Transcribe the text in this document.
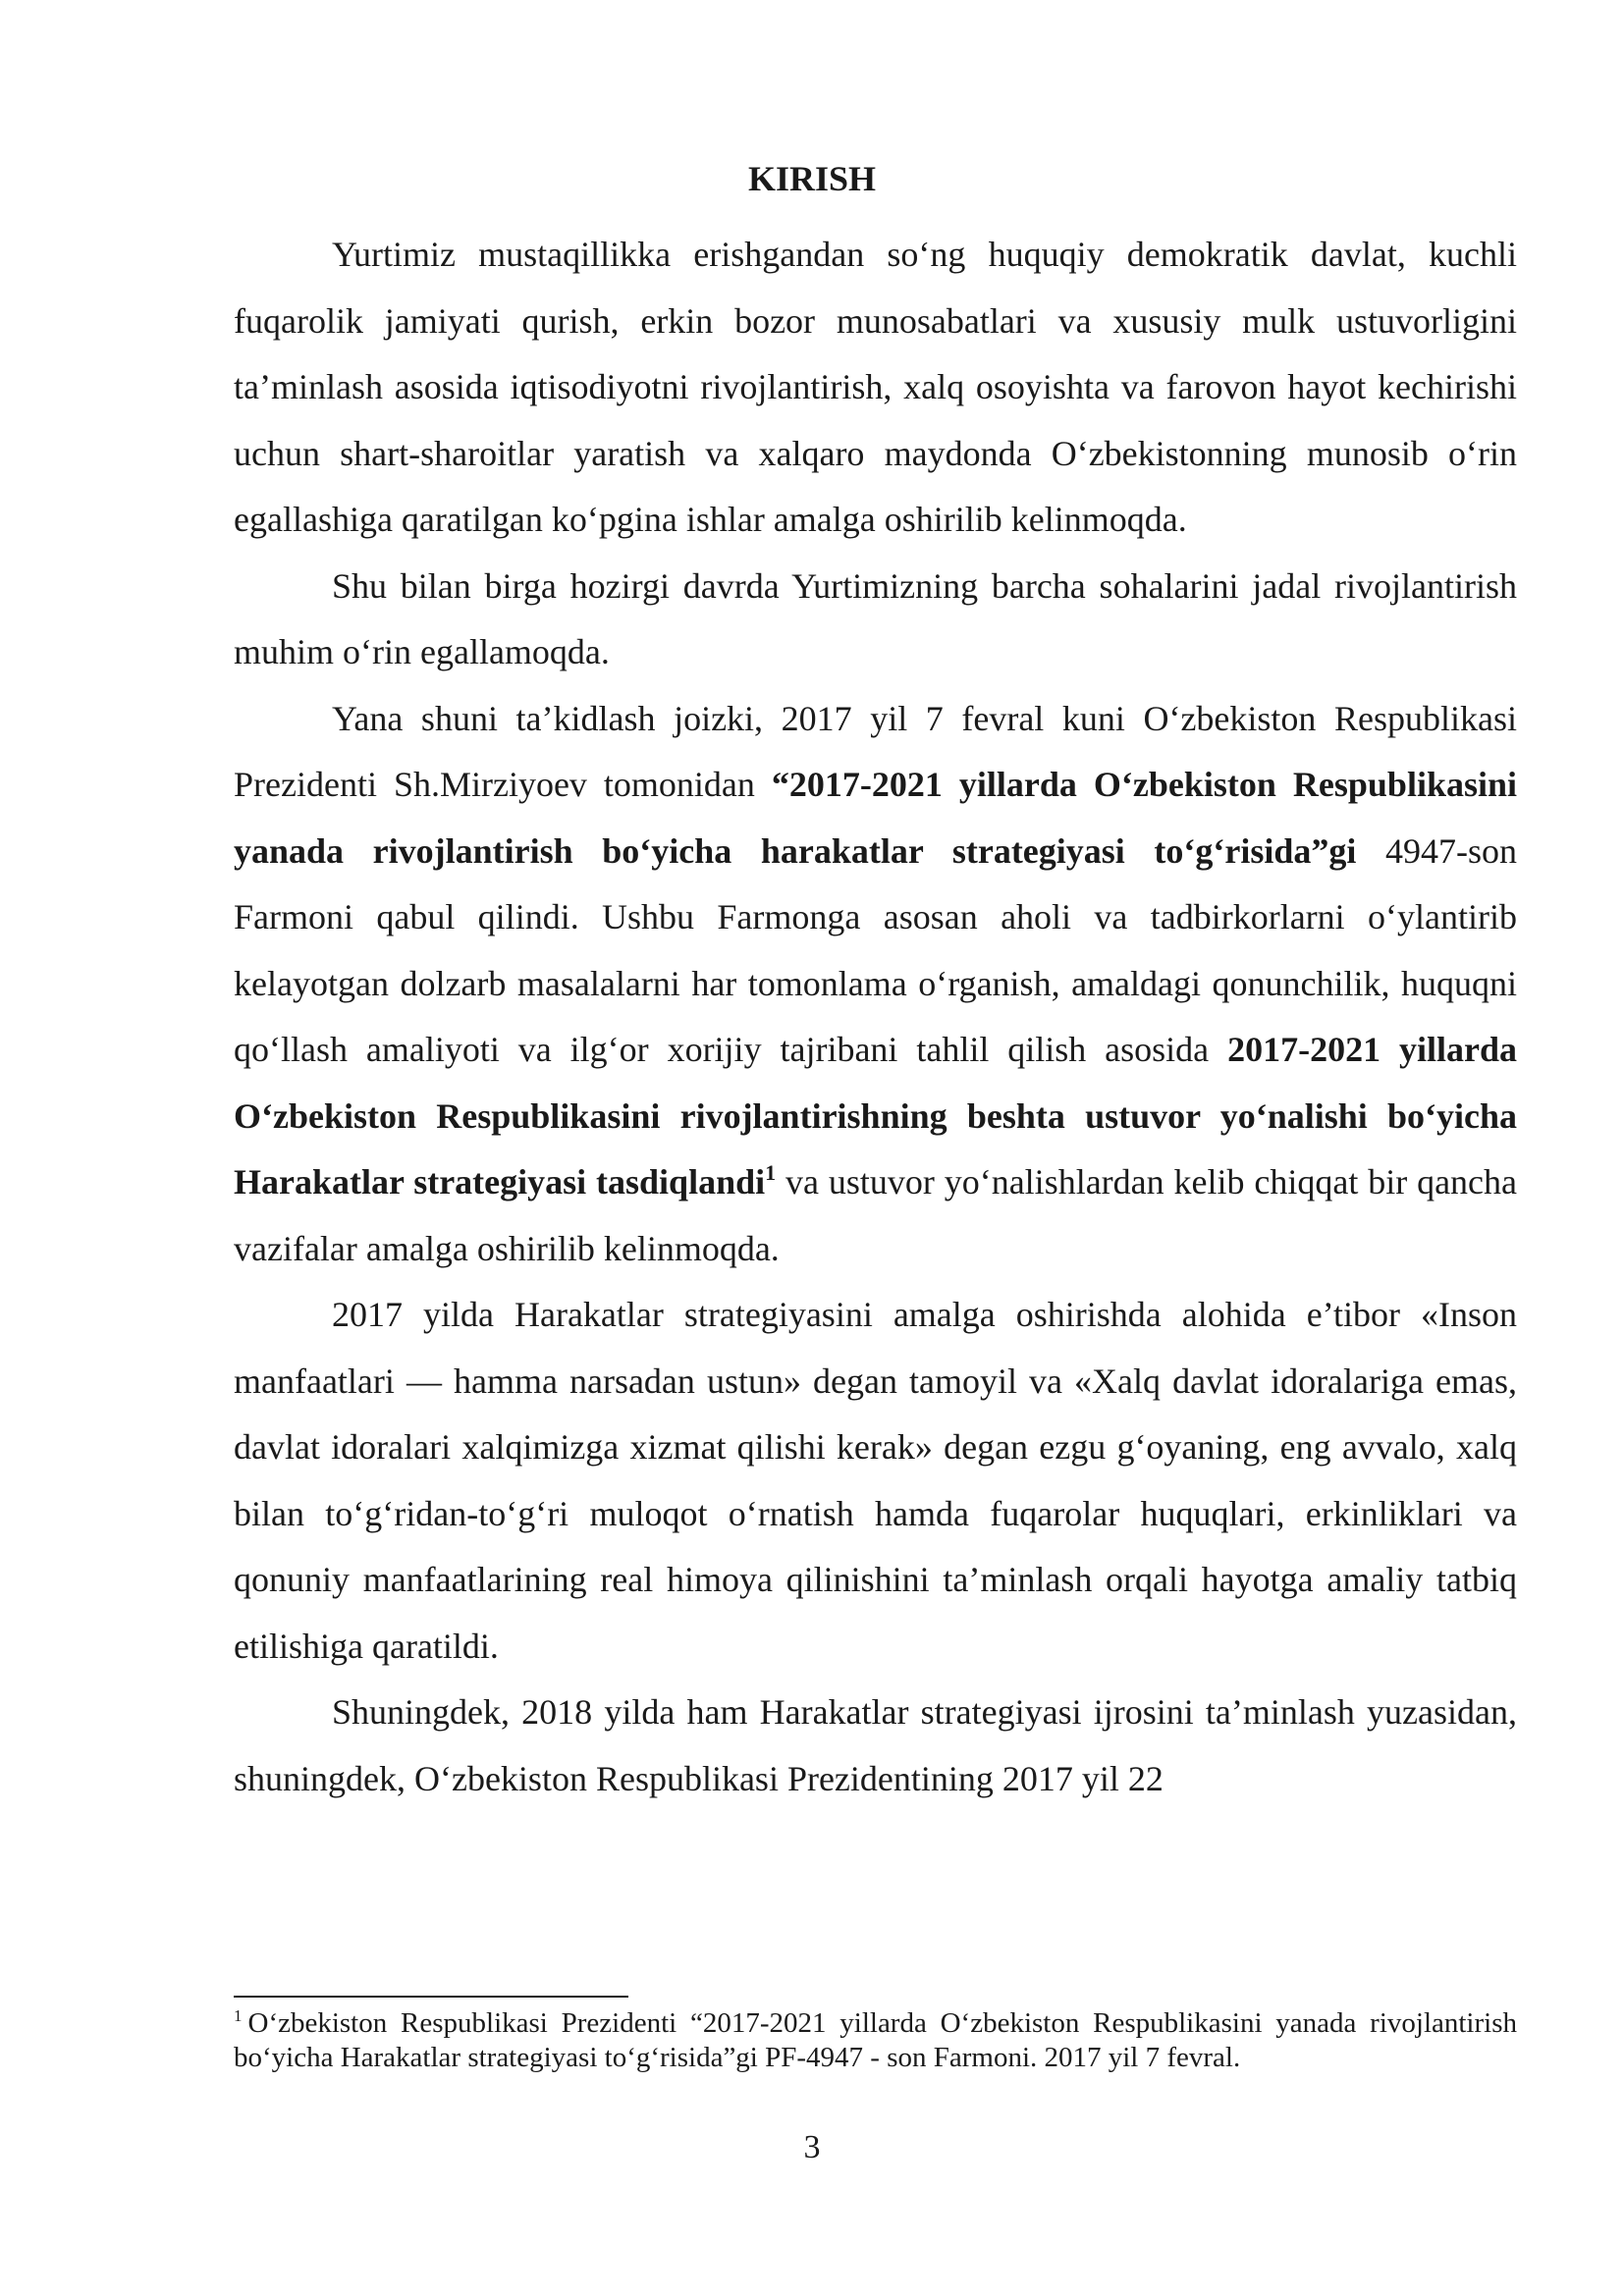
KIRISH

Yurtimiz mustaqillikka erishgandan so‘ng huquqiy demokratik davlat, kuchli fuqarolik jamiyati qurish, erkin bozor munosabatlari va xususiy mulk ustuvorligini ta’minlash asosida iqtisodiyotni rivojlantirish, xalq osoyishta va farovon hayot kechirishi uchun shart-sharoitlar yaratish va xalqaro maydonda O‘zbekistonning munosib o‘rin egallashiga qaratilgan ko‘pgina ishlar amalga oshirilib kelinmoqda.

Shu bilan birga hozirgi davrda Yurtimizning barcha sohalarini jadal rivojlantirish muhim o‘rin egallamoqda.

Yana shuni ta’kidlash joizki, 2017 yil 7 fevral kuni O‘zbekiston Respublikasi Prezidenti Sh.Mirziyoev tomonidan “2017-2021 yillarda O‘zbekiston Respublikasini yanada rivojlantirish bo‘yicha harakatlar strategiyasi to‘g‘risida”gi 4947-son Farmoni qabul qilindi. Ushbu Farmonga asosan aholi va tadbirkorlarni o‘ylantirib kelayotgan dolzarb masalalarni har tomonlama o‘rganish, amaldagi qonunchilik, huquqni qo‘llash amaliyoti va ilg‘or xorijiy tajribani tahlil qilish asosida 2017-2021 yillarda O‘zbekiston Respublikasini rivojlantirishning beshta ustuvor yo‘nalishi bo‘yicha Harakatlar strategiyasi tasdiqlandi$^1$ va ustuvor yo‘nalishlardan kelib chiqqat bir qancha vazifalar amalga oshirilib kelinmoqda.

2017 yilda Harakatlar strategiyasini amalga oshirishda alohida e’tibor «Inson manfaatlari — hamma narsadan ustun» degan tamoyil va «Xalq davlat idoralariga emas, davlat idoralari xalqimizga xizmat qilishi kerak» degan ezgu g‘oyaning, eng avvalo, xalq bilan to‘g‘ridan-to‘g‘ri muloqot o‘rnatish hamda fuqarolar huquqlari, erkinliklari va qonuniy manfaatlarining real himoya qilinishini ta’minlash orqali hayotga amaliy tatbiq etilishiga qaratildi.

Shuningdek, 2018 yilda ham Harakatlar strategiyasi ijrosini ta’minlash yuzasidan, shuningdek, O‘zbekiston Respublikasi Prezidentining 2017 yil 22

$^1$ O‘zbekiston Respublikasi Prezidenti “2017-2021 yillarda O‘zbekiston Respublikasini yanada rivojlantirish bo‘yicha Harakatlar strategiyasi to‘g‘risida”gi PF-4947 - son Farmoni. 2017 yil 7 fevral.

3
